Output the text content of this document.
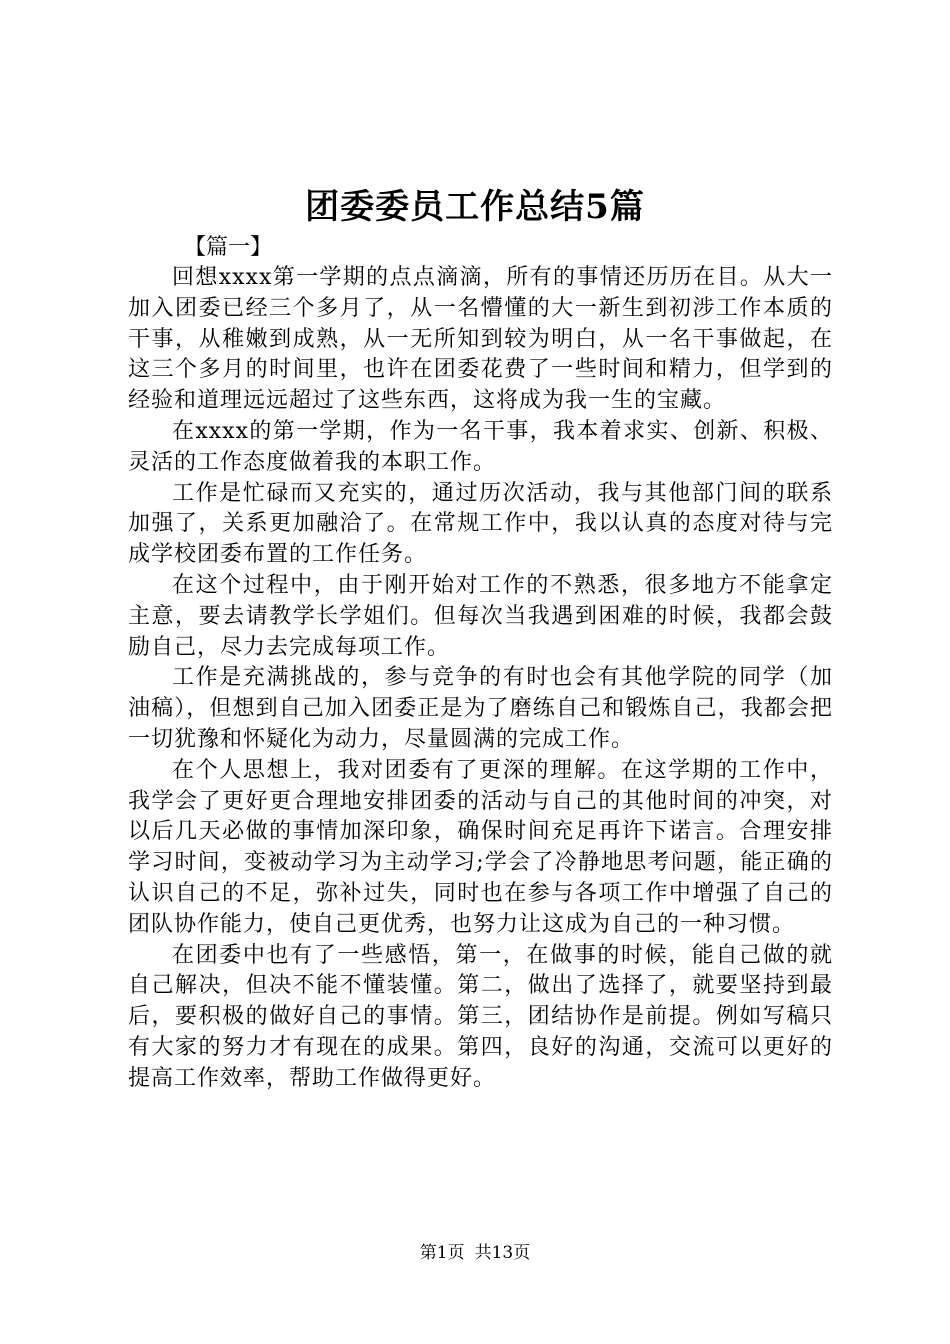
团委委员工作总结5篇
【篇一】

回想xxxx第一学期的点点滴滴，所有的事情还历历在目。从大一加入团委已经三个多月了，从一名懵懂的大一新生到初涉工作本质的干事，从稚嫩到成熟，从一无所知到较为明白，从一名干事做起，在这三个多月的时间里，也许在团委花费了一些时间和精力，但学到的经验和道理远远超过了这些东西，这将成为我一生的宝藏。

在xxxx的第一学期，作为一名干事，我本着求实、创新、积极、灵活的工作态度做着我的本职工作。

工作是忙碌而又充实的，通过历次活动，我与其他部门间的联系加强了，关系更加融洽了。在常规工作中，我以认真的态度对待与完成学校团委布置的工作任务。

在这个过程中，由于刚开始对工作的不熟悉，很多地方不能拿定主意，要去请教学长学姐们。但每次当我遇到困难的时候，我都会鼓励自己，尽力去完成每项工作。

工作是充满挑战的，参与竞争的有时也会有其他学院的同学（加油稿），但想到自己加入团委正是为了磨练自己和锻炼自己，我都会把一切犹豫和怀疑化为动力，尽量圆满的完成工作。

在个人思想上，我对团委有了更深的理解。在这学期的工作中，我学会了更好更合理地安排团委的活动与自己的其他时间的冲突，对以后几天必做的事情加深印象，确保时间充足再许下诺言。合理安排学习时间，变被动学习为主动学习;学会了冷静地思考问题，能正确的认识自己的不足，弥补过失，同时也在参与各项工作中增强了自己的团队协作能力，使自己更优秀，也努力让这成为自己的一种习惯。

在团委中也有了一些感悟，第一，在做事的时候，能自己做的就自己解决，但决不能不懂装懂。第二，做出了选择了，就要坚持到最后，要积极的做好自己的事情。第三，团结协作是前提。例如写稿只有大家的努力才有现在的成果。第四，良好的沟通，交流可以更好的提高工作效率，帮助工作做得更好。

第1页 共13页
